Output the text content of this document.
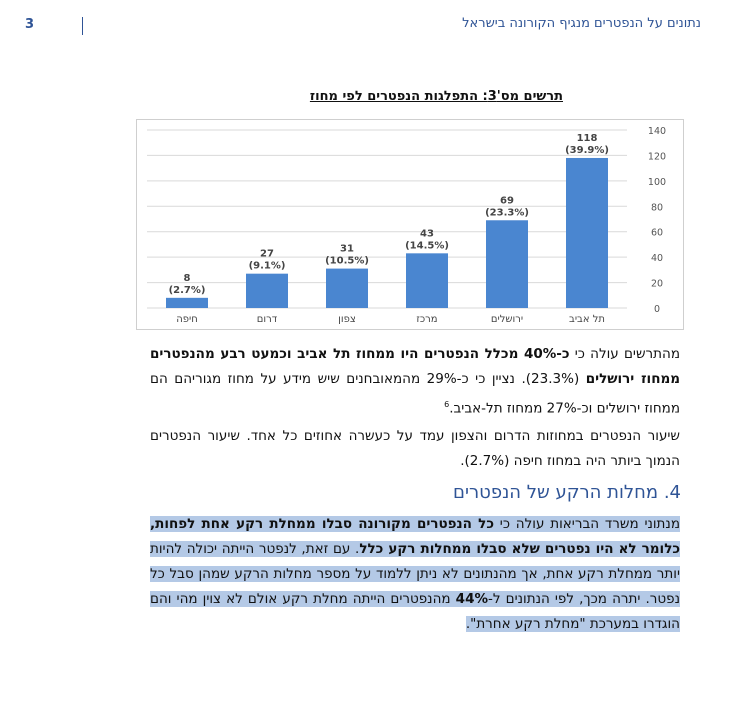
3	נתונים על הנפטרים מנגיף הקורונה בישראל
תרשים מס'3: התפלגות הנפטרים לפי מחוז
0
20
40
60
80
100
120
140
8
(2.7%)
חיפה
27
(9.1%)
דרום
31
(10.5%)
צפון
43
(14.5%)
מרכז
69
(23.3%)
ירושלים
118
(39.9%)
תל אביב
מהתרשים עולה כי כ-40% מכלל הנפטרים היו ממחוז תל אביב וכמעט רבע מהנפטרים ממחוז ירושלים (23.3%). נציין כי כ-29% מהמאובחנים שיש מידע על מחוז מגוריהם הם ממחוז ירושלים וכ-27% ממחוז תל-אביב.$^6$
שיעור הנפטרים במחוזות הדרום והצפון עמד על כעשרה אחוזים כל אחד. שיעור הנפטרים הנמוך ביותר היה במחוז חיפה (2.7%).
4. מחלות הרקע של הנפטרים
מנתוני משרד הבריאות עולה כי כל הנפטרים מקורונה סבלו ממחלת רקע אחת לפחות, כלומר לא היו נפטרים שלא סבלו ממחלות רקע כלל. עם זאת, לנפטר הייתה יכולה להיות יותר ממחלת רקע אחת, אך מהנתונים לא ניתן ללמוד על מספר מחלות הרקע שמהן סבל כל נפטר. יתרה מכך, לפי הנתונים ל-44% מהנפטרים הייתה מחלת רקע אולם לא צוין מהי והם הוגדרו במערכת "מחלת רקע אחרת".
